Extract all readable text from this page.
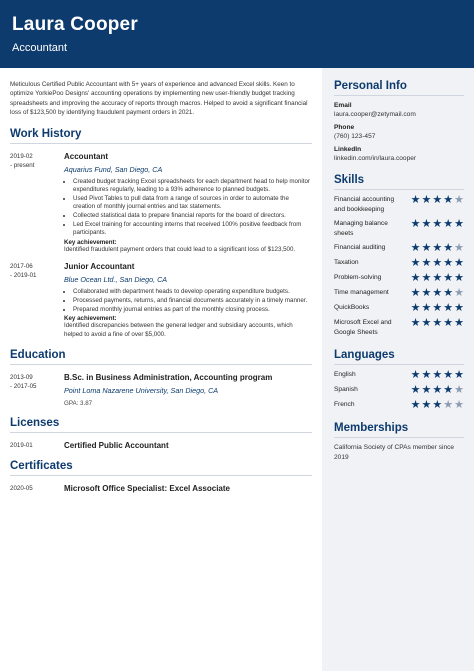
Laura Cooper
Accountant
Meticulous Certified Public Accountant with 5+ years of experience and advanced Excel skills. Keen to optimize YorkiePoo Designs' accounting operations by implementing new user-friendly budget tracking spreadsheets and improving the accuracy of reports through macros. Helped to avoid a significant financial loss of $123,500 by identifying fraudulent payment orders in 2021.
Work History
2019-02
- present
Accountant
Aquarius Fund, San Diego, CA
• Created budget tracking Excel spreadsheets for each department head to help monitor expenditures regularly, leading to a 93% adherence to planned budgets.
• Used Pivot Tables to pull data from a range of sources in order to automate the creation of monthly journal entries and tax statements.
• Collected statistical data to prepare financial reports for the board of directors.
• Led Excel training for accounting interns that received 100% positive feedback from participants.
Key achievement:
Identified fraudulent payment orders that could lead to a significant loss of $123,500.
2017-06
- 2019-01
Junior Accountant
Blue Ocean Ltd., San Diego, CA
• Collaborated with department heads to develop operating expenditure budgets.
• Processed payments, returns, and financial documents accurately in a timely manner.
• Prepared monthly journal entries as part of the monthly closing process.
Key achievement:
Identified discrepancies between the general ledger and subsidiary accounts, which helped to avoid a fine of over $5,000.
Education
2013-09
- 2017-05
B.Sc. in Business Administration, Accounting program
Point Loma Nazarene University, San Diego, CA
GPA: 3.87
Licenses
2019-01	Certified Public Accountant
Certificates
2020-05	Microsoft Office Specialist: Excel Associate
Personal Info
Email
laura.cooper@zetymail.com
Phone
(760) 123-457
LinkedIn
linkedin.com/in/laura.cooper
Skills
Financial accounting and bookkeeping
★ ★ ★ ★ ★
Managing balance sheets
★ ★ ★ ★ ★
Financial auditing	★ ★ ★ ★ ★
Taxation	★ ★ ★ ★ ★
Problem-solving	★ ★ ★ ★ ★
Time management	★ ★ ★ ★ ★
QuickBooks	★ ★ ★ ★ ★
Microsoft Excel and Google Sheets
★ ★ ★ ★ ★
Languages
English	★ ★ ★ ★ ★
Spanish	★ ★ ★ ★ ★
French	★ ★ ★ ★ ★
Memberships
California Society of CPAs member since 2019
